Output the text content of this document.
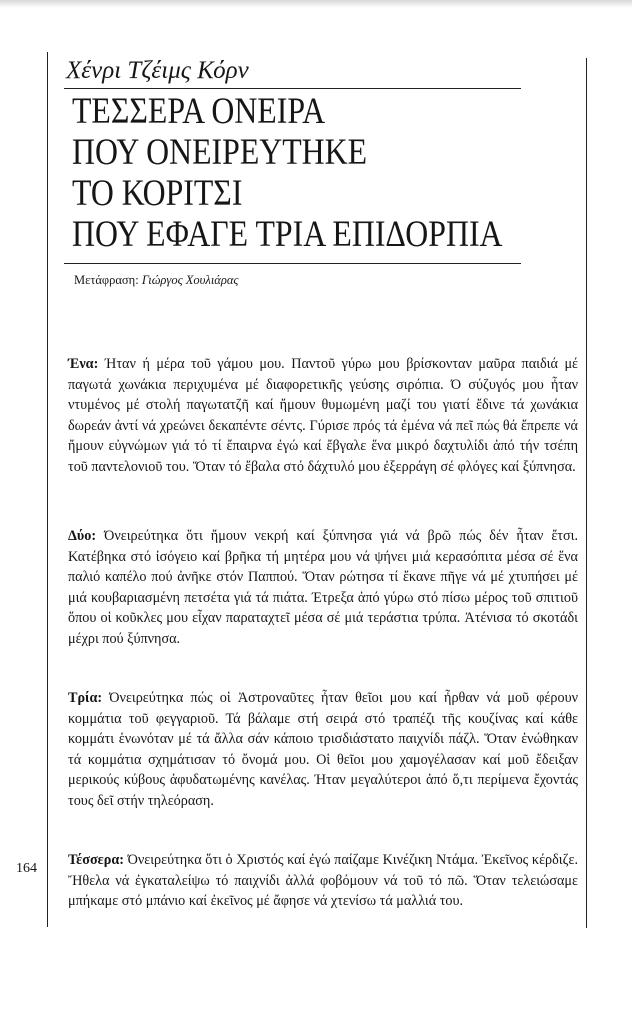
Χένρι Τζέιμς Κόρν
ΤΕΣΣΕΡΑ ΟΝΕΙΡΑ
ΠΟΥ ΟΝΕΙΡΕΥΤΗΚΕ
ΤΟ ΚΟΡΙΤΣΙ
ΠΟΥ ΕΦΑΓΕ ΤΡΙΑ ΕΠΙΔΟΡΠΙΑ
Μετάφραση: Γιώργος Χουλιάρας

Ένα: Ήταν ή μέρα τοῦ γάμου μου. Παντοῦ γύρω μου βρίσκονταν μαῦρα παιδιά μέ παγωτά χωνάκια περιχυμένα μέ διαφορετικῆς γεύσης σιρόπια. Ό σύζυγός μου ἦταν ντυμένος μέ στολή παγωτατζῆ καί ἤμουν θυμωμένη μαζί του γιατί ἔδινε τά χωνάκια δωρεάν ἀντί νά χρεώνει δεκαπέντε σέντς. Γύρισε πρός τά ἐμένα νά πεῖ πώς θά ἔπρεπε νά ἤμουν εὐγνώμων γιά τό τί ἔπαιρνα ἐγώ καί ἔβγαλε ἕνα μικρό δαχτυλίδι ἀπό τήν τσέπη τοῦ παντελονιοῦ του. Ὅταν τό ἔβαλα στό δάχτυλό μου ἐξερράγη σέ φλόγες καί ξύπνησα.

Δύο: Όνειρεύτηκα ὅτι ἤμουν νεκρή καί ξύπνησα γιά νά βρῶ πώς δέν ἦταν ἔτσι. Κατέβηκα στό ἰσόγειο καί βρῆκα τή μητέρα μου νά ψήνει μιά κερασόπιτα μέσα σέ ἕνα παλιό καπέλο πού ἀνῆκε στόν Παππού. Ὅταν ρώτησα τί ἔκανε πῆγε νά μέ χτυπήσει μέ μιά κουβαριασμένη πετσέτα γιά τά πιάτα. Έτρεξα ἀπό γύρω στό πίσω μέρος τοῦ σπιτιοῦ ὅπου οἱ κοῦκλες μου εἶχαν παραταχτεῖ μέσα σέ μιά τεράστια τρύπα. Ἀτένισα τό σκοτάδι μέχρι πού ξύπνησα.

Τρία: Όνειρεύτηκα πώς οἱ Ἀστροναῦτες ἦταν θεῖοι μου καί ἦρθαν νά μοῦ φέρουν κομμάτια τοῦ φεγγαριοῦ. Τά βάλαμε στή σειρά στό τραπέζι τῆς κουζίνας καί κάθε κομμάτι ἑνωνόταν μέ τά ἄλλα σάν κάποιο τρισδιάστατο παιχνίδι πάζλ. Ὅταν ἑνώθηκαν τά κομμάτια σχημάτισαν τό ὄνομά μου. Οἱ θεῖοι μου χαμογέλασαν καί μοῦ ἔδειξαν μερικούς κύβους ἀφυδατωμένης κανέλας. Ήταν μεγαλύτεροι ἀπό ὅ,τι περίμενα ἔχοντάς τους δεῖ στήν τηλεόραση.

164

Τέσσερα: Όνειρεύτηκα ὅτι ὁ Χριστός καί ἐγώ παίζαμε Κινέζικη Ντάμα. Ἐκεῖνος κέρδιζε. Ἤθελα νά ἐγκαταλείψω τό παιχνίδι ἀλλά φοβόμουν νά τοῦ τό πῶ. Ὅταν τελειώσαμε μπήκαμε στό μπάνιο καί ἐκεῖνος μέ ἄφησε νά χτενίσω τά μαλλιά του.
